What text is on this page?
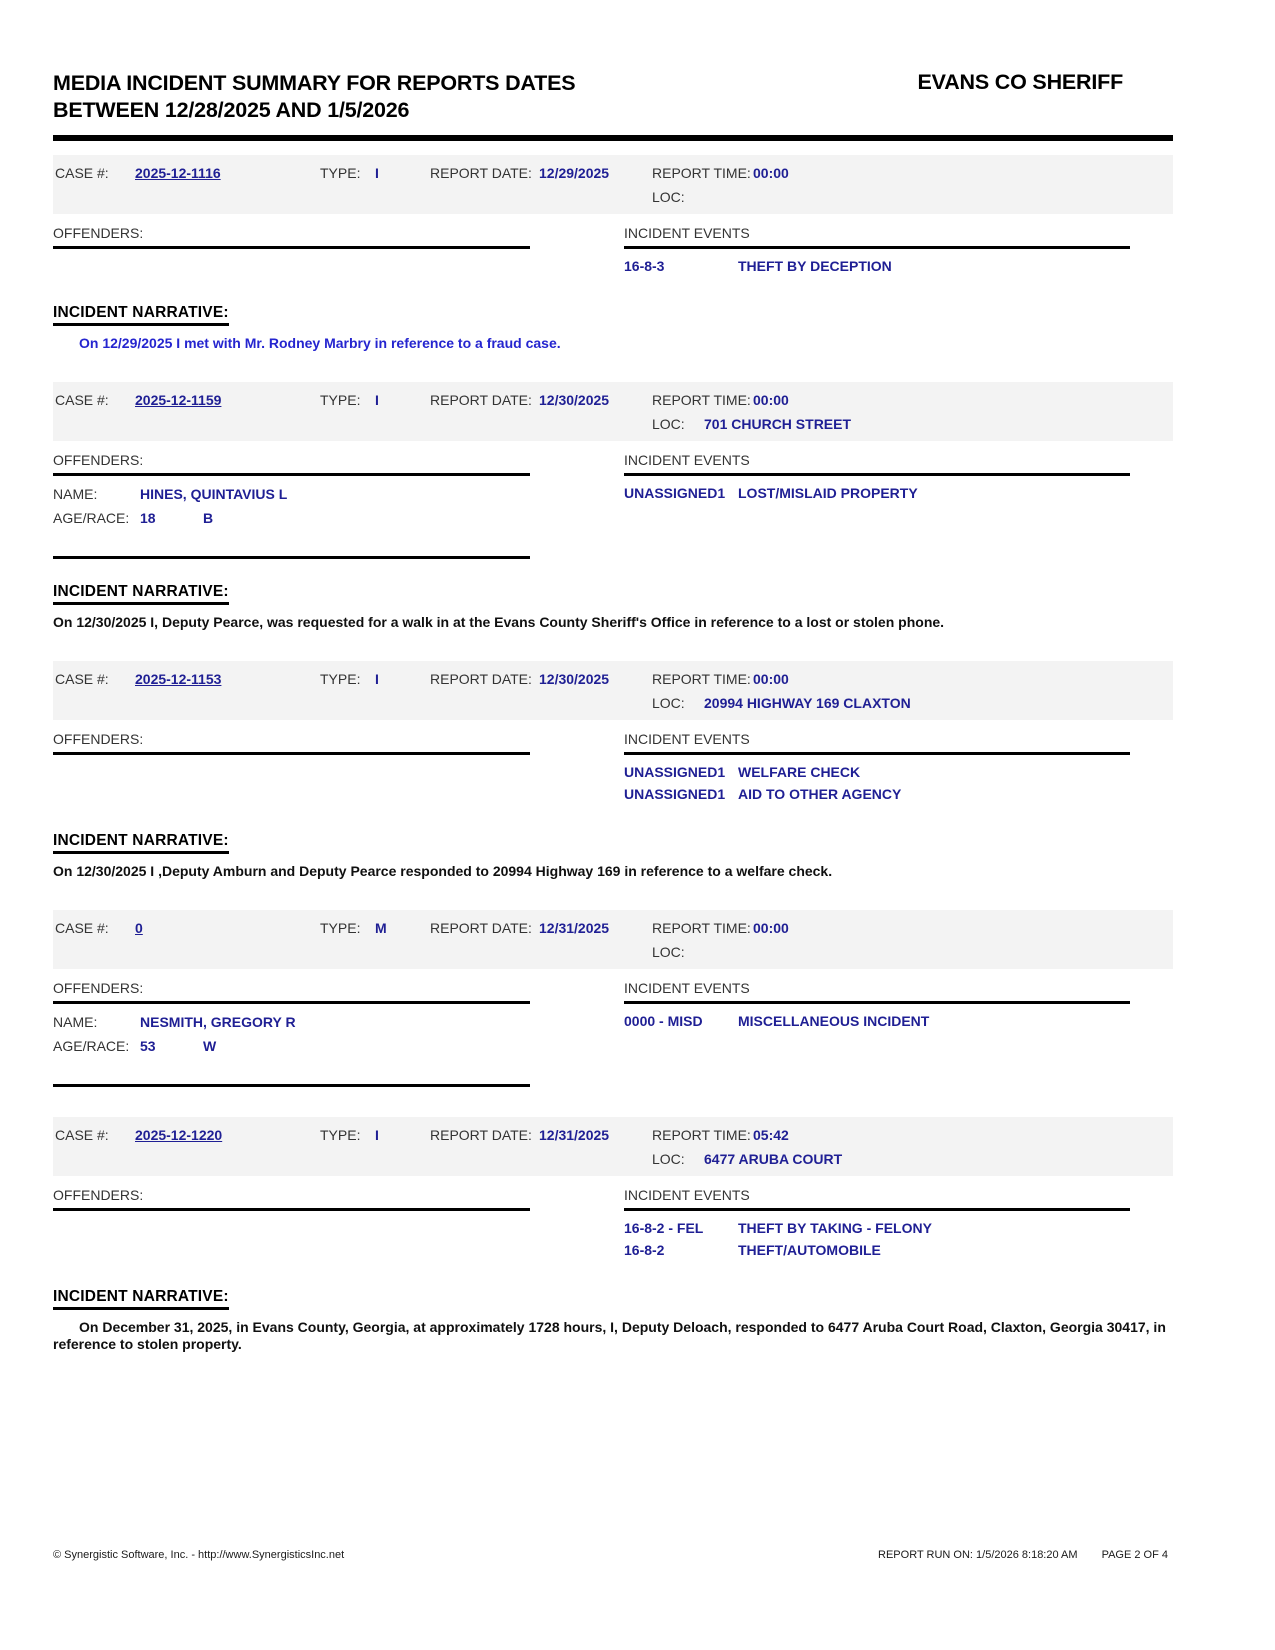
MEDIA INCIDENT SUMMARY FOR REPORTS DATES
BETWEEN 12/28/2025 AND 1/5/2026
EVANS CO SHERIFF
CASE #: 2025-12-1116	TYPE: I	REPORT DATE: 12/29/2025	REPORT TIME: 00:00
LOC:
OFFENDERS:	INCIDENT EVENTS
16-8-3	THEFT BY DECEPTION
INCIDENT NARRATIVE:

On 12/29/2025 I met with Mr. Rodney Marbry in reference to a fraud case.

CASE #: 2025-12-1159	TYPE: I	REPORT DATE: 12/30/2025	REPORT TIME: 00:00
LOC: 701 CHURCH STREET
OFFENDERS:
NAME:	HINES, QUINTAVIUS L
AGE/RACE: 18	B
INCIDENT EVENTS
UNASSIGNED1 LOST/MISLAID PROPERTY
INCIDENT NARRATIVE:

On 12/30/2025 I, Deputy Pearce, was requested for a walk in at the Evans County Sheriff's Office in reference to a lost or stolen phone.

CASE #: 2025-12-1153	TYPE: I	REPORT DATE: 12/30/2025	REPORT TIME: 00:00
LOC: 20994 HIGHWAY 169 CLAXTON
OFFENDERS:	INCIDENT EVENTS
UNASSIGNED1 WELFARE CHECK
UNASSIGNED1 AID TO OTHER AGENCY
INCIDENT NARRATIVE:

On 12/30/2025 I ,Deputy Amburn and Deputy Pearce responded to 20994 Highway 169 in reference to a welfare check.

CASE #: 0	TYPE: M	REPORT DATE: 12/31/2025	REPORT TIME: 00:00
LOC:
OFFENDERS:
NAME:	NESMITH, GREGORY R
AGE/RACE: 53	W
INCIDENT EVENTS
0000 - MISD	MISCELLANEOUS INCIDENT
CASE #: 2025-12-1220	TYPE: I	REPORT DATE: 12/31/2025	REPORT TIME: 05:42
LOC: 6477 ARUBA COURT
OFFENDERS:	INCIDENT EVENTS
16-8-2 - FEL	THEFT BY TAKING - FELONY
16-8-2	THEFT/AUTOMOBILE
INCIDENT NARRATIVE:

On December 31, 2025, in Evans County, Georgia, at approximately 1728 hours, I, Deputy Deloach, responded to 6477 Aruba Court Road, Claxton, Georgia 30417, in reference to stolen property.

© Synergistic Software, Inc. - http://www.SynergisticsInc.net	REPORT RUN ON: 1/5/2026 8:18:20 AM PAGE 2 OF 4
